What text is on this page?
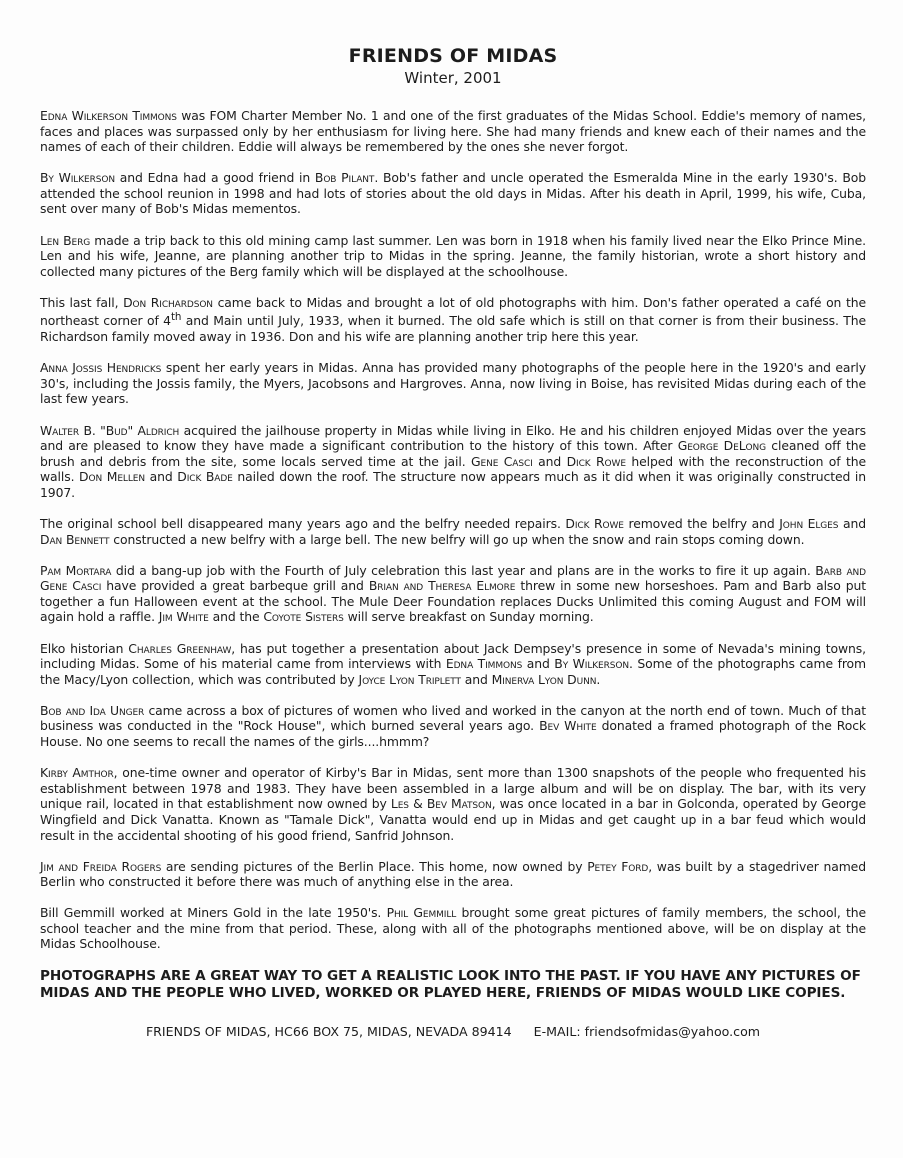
FRIENDS OF MIDAS
Winter, 2001

Edna Wilkerson Timmons was FOM Charter Member No. 1 and one of the first graduates of the Midas School. Eddie's memory of names, faces and places was surpassed only by her enthusiasm for living here. She had many friends and knew each of their names and the names of each of their children. Eddie will always be remembered by the ones she never forgot.

By Wilkerson and Edna had a good friend in Bob Pilant. Bob's father and uncle operated the Esmeralda Mine in the early 1930's. Bob attended the school reunion in 1998 and had lots of stories about the old days in Midas. After his death in April, 1999, his wife, Cuba, sent over many of Bob's Midas mementos.

Len Berg made a trip back to this old mining camp last summer. Len was born in 1918 when his family lived near the Elko Prince Mine. Len and his wife, Jeanne, are planning another trip to Midas in the spring. Jeanne, the family historian, wrote a short history and collected many pictures of the Berg family which will be displayed at the schoolhouse.

This last fall, Don Richardson came back to Midas and brought a lot of old photographs with him. Don's father operated a café on the northeast corner of 4th and Main until July, 1933, when it burned. The old safe which is still on that corner is from their business. The Richardson family moved away in 1936. Don and his wife are planning another trip here this year.

Anna Jossis Hendricks spent her early years in Midas. Anna has provided many photographs of the people here in the 1920's and early 30's, including the Jossis family, the Myers, Jacobsons and Hargroves. Anna, now living in Boise, has revisited Midas during each of the last few years.

Walter B. "Bud" Aldrich acquired the jailhouse property in Midas while living in Elko. He and his children enjoyed Midas over the years and are pleased to know they have made a significant contribution to the history of this town. After George DeLong cleaned off the brush and debris from the site, some locals served time at the jail. Gene Casci and Dick Rowe helped with the reconstruction of the walls. Don Mellen and Dick Bade nailed down the roof. The structure now appears much as it did when it was originally constructed in 1907.

The original school bell disappeared many years ago and the belfry needed repairs. Dick Rowe removed the belfry and John Elges and Dan Bennett constructed a new belfry with a large bell. The new belfry will go up when the snow and rain stops coming down.

Pam Mortara did a bang-up job with the Fourth of July celebration this last year and plans are in the works to fire it up again. Barb and Gene Casci have provided a great barbeque grill and Brian and Theresa Elmore threw in some new horseshoes. Pam and Barb also put together a fun Halloween event at the school. The Mule Deer Foundation replaces Ducks Unlimited this coming August and FOM will again hold a raffle. Jim White and the Coyote Sisters will serve breakfast on Sunday morning.

Elko historian Charles Greenhaw, has put together a presentation about Jack Dempsey's presence in some of Nevada's mining towns, including Midas. Some of his material came from interviews with Edna Timmons and By Wilkerson. Some of the photographs came from the Macy/Lyon collection, which was contributed by Joyce Lyon Triplett and Minerva Lyon Dunn.

Bob and Ida Unger came across a box of pictures of women who lived and worked in the canyon at the north end of town. Much of that business was conducted in the "Rock House", which burned several years ago. Bev White donated a framed photograph of the Rock House. No one seems to recall the names of the girls....hmmm?

Kirby Amthor, one-time owner and operator of Kirby's Bar in Midas, sent more than 1300 snapshots of the people who frequented his establishment between 1978 and 1983. They have been assembled in a large album and will be on display. The bar, with its very unique rail, located in that establishment now owned by Les & Bev Matson, was once located in a bar in Golconda, operated by George Wingfield and Dick Vanatta. Known as "Tamale Dick", Vanatta would end up in Midas and get caught up in a bar feud which would result in the accidental shooting of his good friend, Sanfrid Johnson.

Jim and Freida Rogers are sending pictures of the Berlin Place. This home, now owned by Petey Ford, was built by a stagedriver named Berlin who constructed it before there was much of anything else in the area.

Bill Gemmill worked at Miners Gold in the late 1950's. Phil Gemmill brought some great pictures of family members, the school, the school teacher and the mine from that period. These, along with all of the photographs mentioned above, will be on display at the Midas Schoolhouse.

PHOTOGRAPHS ARE A GREAT WAY TO GET A REALISTIC LOOK INTO THE PAST. IF YOU HAVE ANY PICTURES OF MIDAS AND THE PEOPLE WHO LIVED, WORKED OR PLAYED HERE, FRIENDS OF MIDAS WOULD LIKE COPIES.
FRIENDS OF MIDAS, HC66 BOX 75, MIDAS, NEVADA 89414 E-MAIL: friendsofmidas@yahoo.com
